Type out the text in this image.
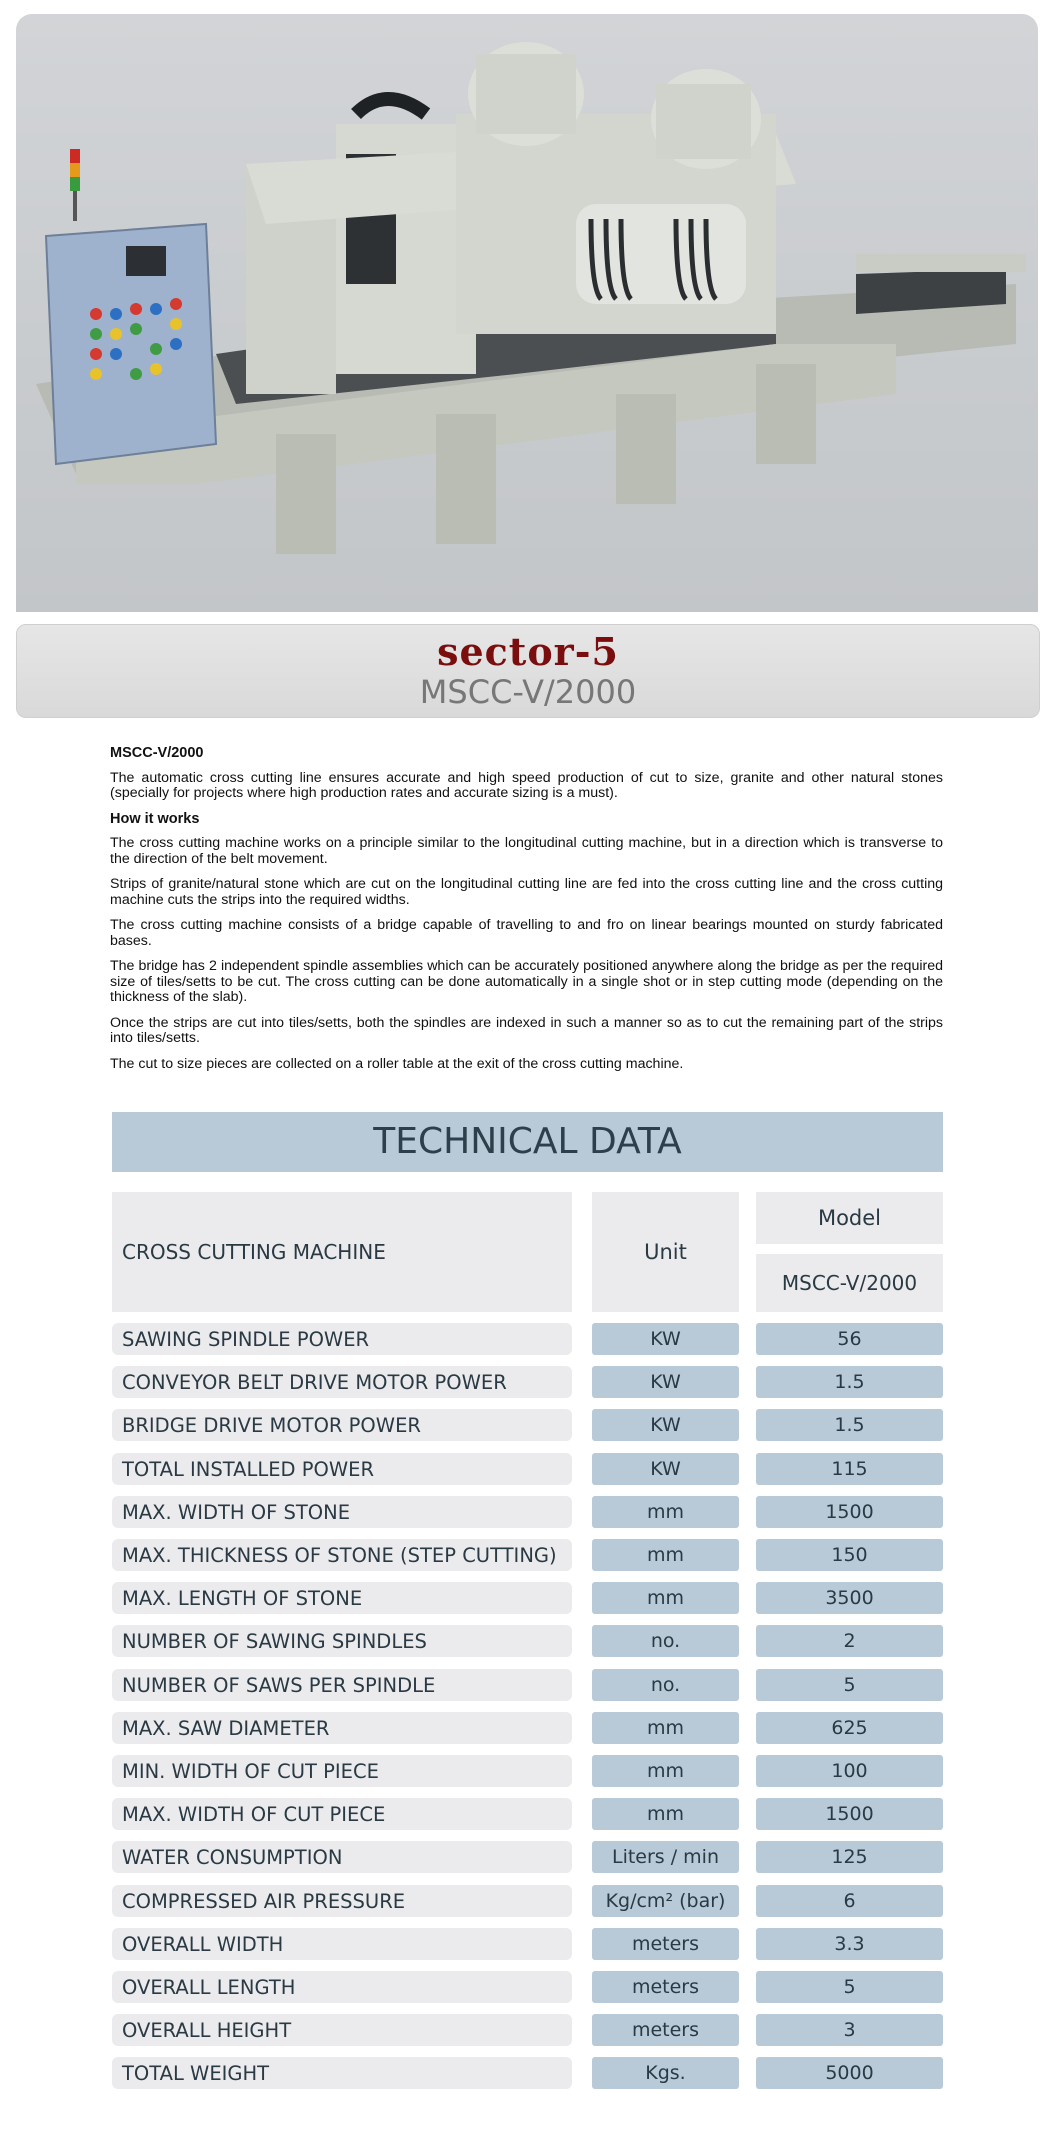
sector-5
MSCC-V/2000
MSCC-V/2000

The automatic cross cutting line ensures accurate and high speed production of cut to size, granite and other natural stones (specially for projects where high production rates and accurate sizing is a must).

How it works

The cross cutting machine works on a principle similar to the longitudinal cutting machine, but in a direction which is transverse to the direction of the belt movement.

Strips of granite/natural stone which are cut on the longitudinal cutting line are fed into the cross cutting line and the cross cutting machine cuts the strips into the required widths.

The cross cutting machine consists of a bridge capable of travelling to and fro on linear bearings mounted on sturdy fabricated bases.

The bridge has 2 independent spindle assemblies which can be accurately positioned anywhere along the bridge as per the required size of tiles/setts to be cut. The cross cutting can be done automatically in a single shot or in step cutting mode (depending on the thickness of the slab).

Once the strips are cut into tiles/setts, both the spindles are indexed in such a manner so as to cut the remaining part of the strips into tiles/setts.

The cut to size pieces are collected on a roller table at the exit of the cross cutting machine.

TECHNICAL DATA
CROSS CUTTING MACHINE	Unit
Model
MSCC-V/2000
SAWING SPINDLE POWER	KW	56
CONVEYOR BELT DRIVE MOTOR POWER	KW	1.5
BRIDGE DRIVE MOTOR POWER	KW	1.5
TOTAL INSTALLED POWER	KW	115
MAX. WIDTH OF STONE	mm	1500
MAX. THICKNESS OF STONE (STEP CUTTING)	mm	150
MAX. LENGTH OF STONE	mm	3500
NUMBER OF SAWING SPINDLES	no.	2
NUMBER OF SAWS PER SPINDLE	no.	5
MAX. SAW DIAMETER	mm	625
MIN. WIDTH OF CUT PIECE	mm	100
MAX. WIDTH OF CUT PIECE	mm	1500
WATER CONSUMPTION	Liters / min	125
COMPRESSED AIR PRESSURE	Kg/cm² (bar)	6
OVERALL WIDTH	meters	3.3
OVERALL LENGTH	meters	5
OVERALL HEIGHT	meters	3
TOTAL WEIGHT	Kgs.	5000
